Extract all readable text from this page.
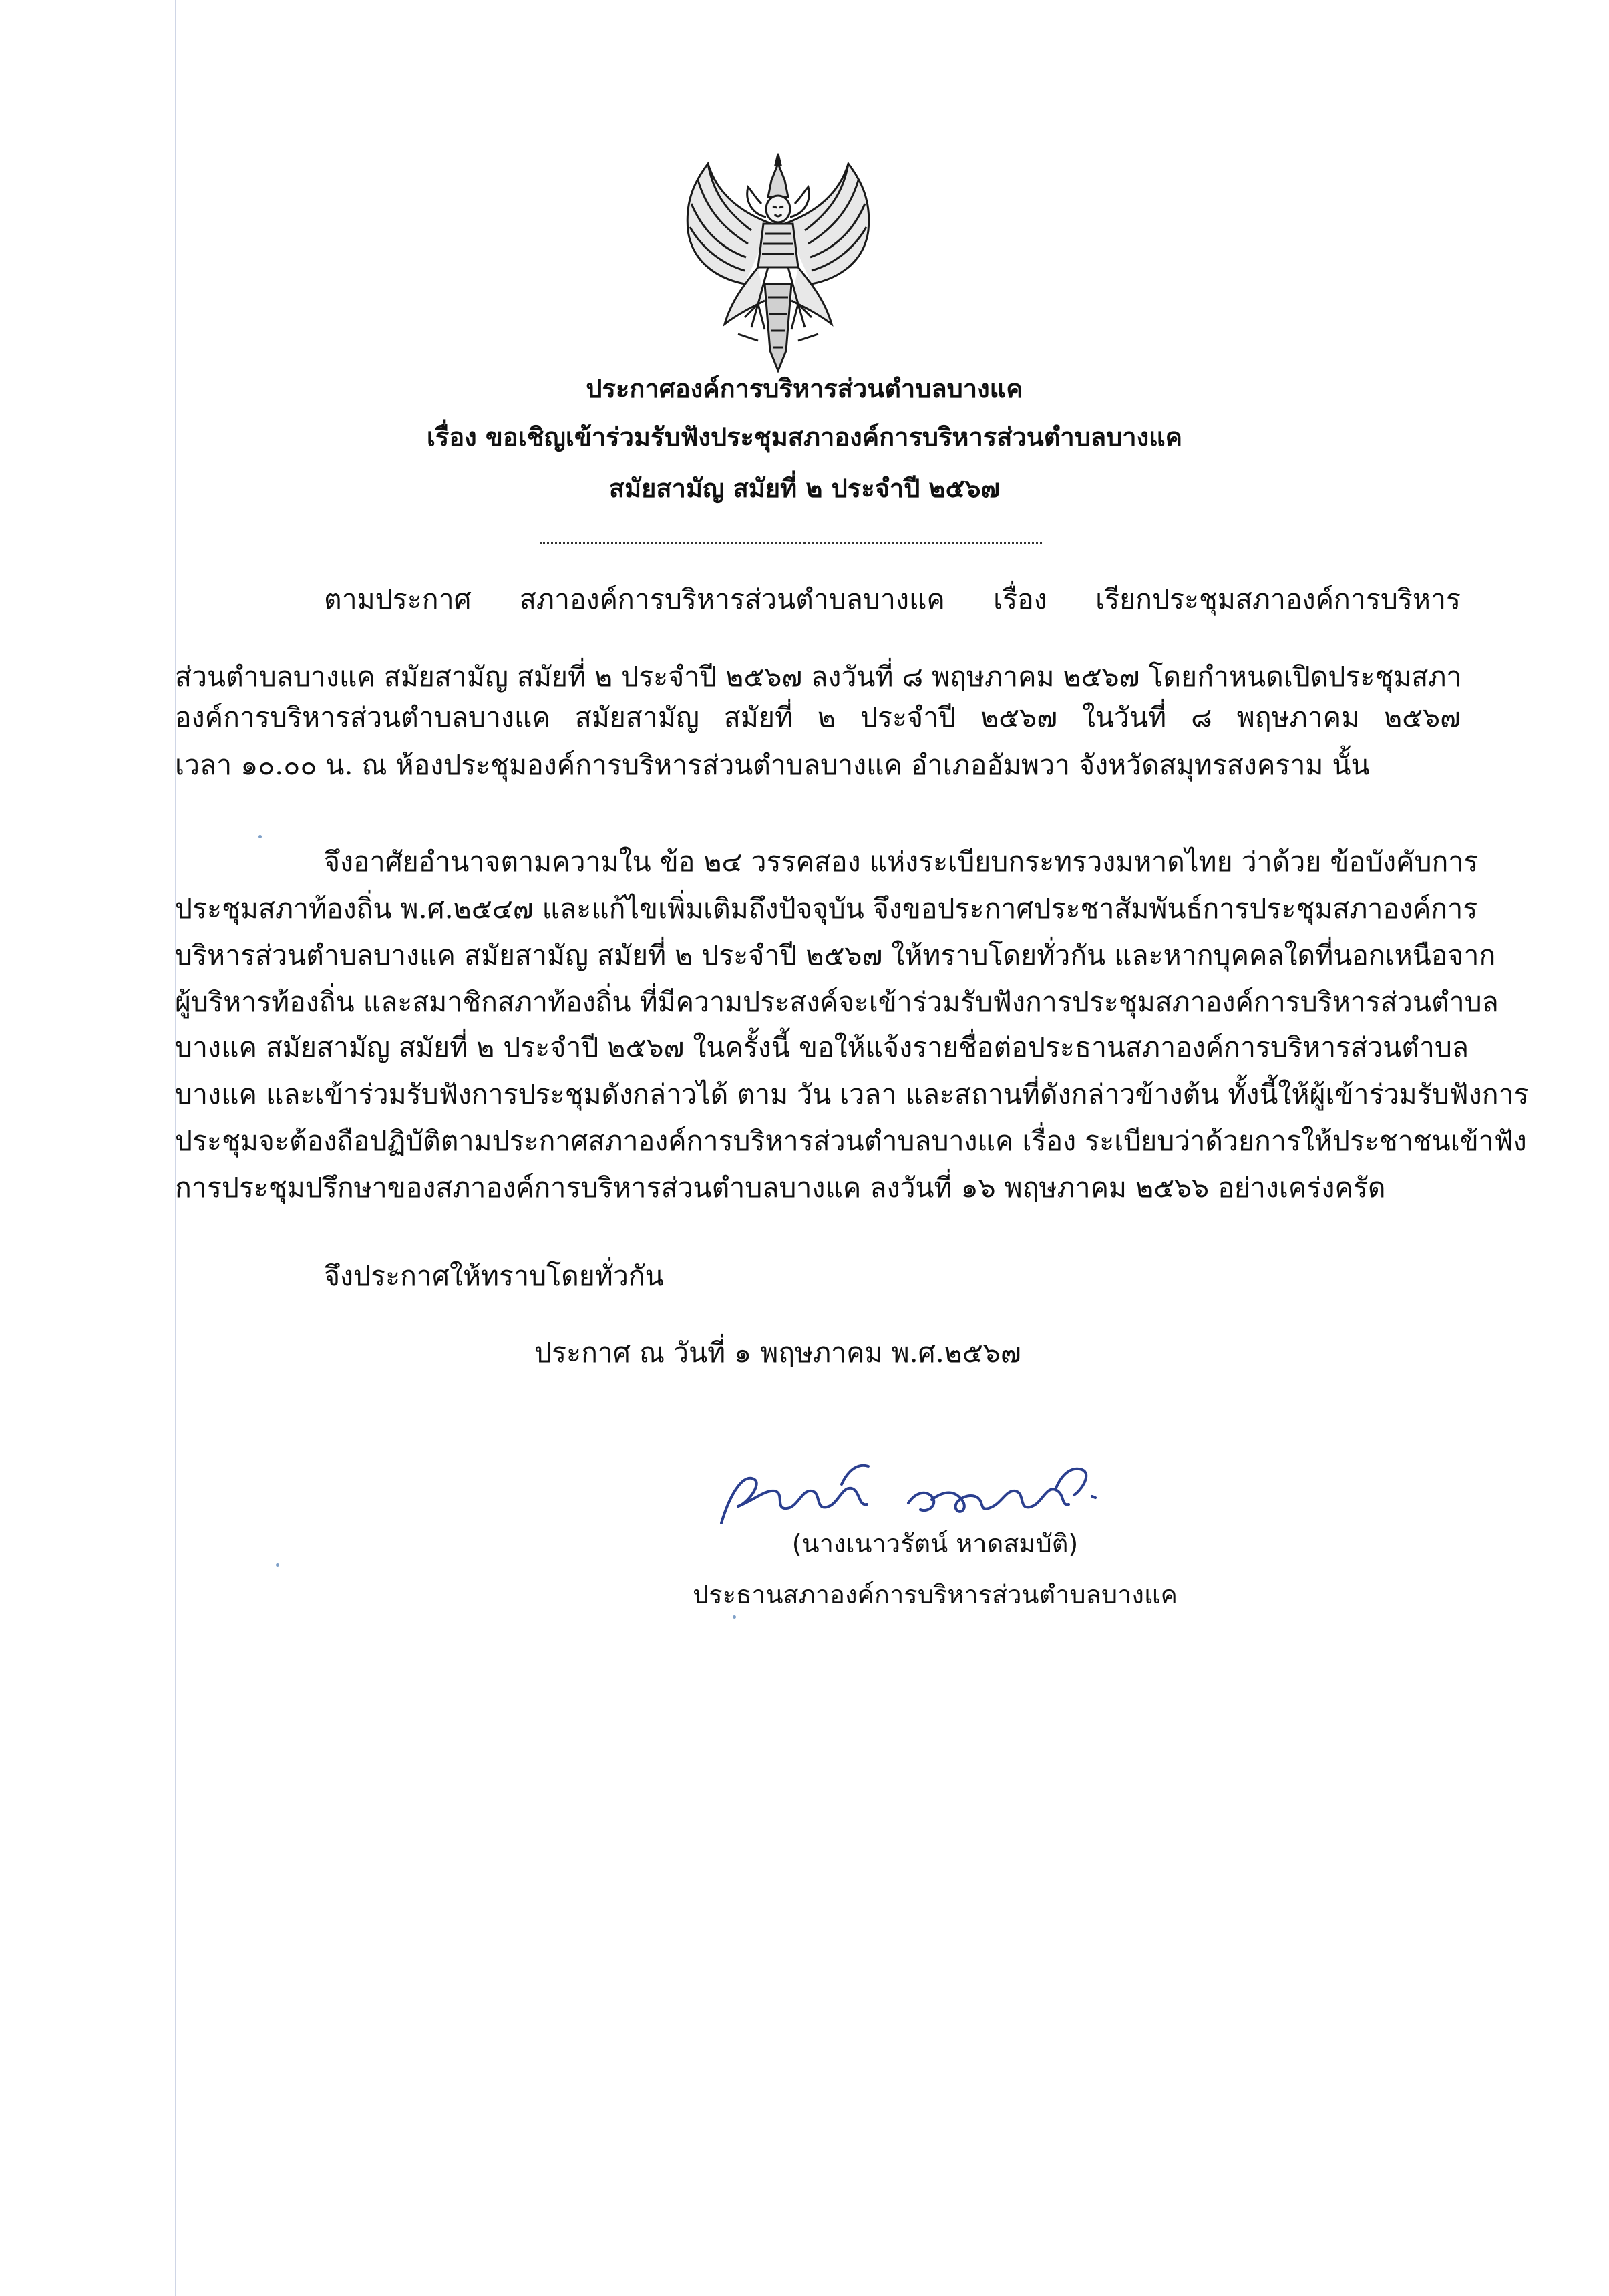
ประกาศองค์การบริหารส่วนตำบลบางแค
เรื่อง ขอเชิญเข้าร่วมรับฟังประชุมสภาองค์การบริหารส่วนตำบลบางแค
สมัยสามัญ สมัยที่ ๒ ประจำปี ๒๕๖๗
ตามประกาศ สภาองค์การบริหารส่วนตำบลบางแค เรื่อง เรียกประชุมสภาองค์การบริหาร
ส่วนตำบลบางแค สมัยสามัญ สมัยที่ ๒ ประจำปี ๒๕๖๗ ลงวันที่ ๘ พฤษภาคม ๒๕๖๗ โดยกำหนดเปิดประชุมสภา
องค์การบริหารส่วนตำบลบางแค สมัยสามัญ สมัยที่ ๒ ประจำปี ๒๕๖๗ ในวันที่ ๘ พฤษภาคม ๒๕๖๗
เวลา ๑๐.๐๐ น. ณ ห้องประชุมองค์การบริหารส่วนตำบลบางแค อำเภออัมพวา จังหวัดสมุทรสงคราม นั้น
จึงอาศัยอำนาจตามความใน ข้อ ๒๔ วรรคสอง แห่งระเบียบกระทรวงมหาดไทย ว่าด้วย ข้อบังคับการ
ประชุมสภาท้องถิ่น พ.ศ.๒๕๔๗ และแก้ไขเพิ่มเติมถึงปัจจุบัน จึงขอประกาศประชาสัมพันธ์การประชุมสภาองค์การ
บริหารส่วนตำบลบางแค สมัยสามัญ สมัยที่ ๒ ประจำปี ๒๕๖๗ ให้ทราบโดยทั่วกัน และหากบุคคลใดที่นอกเหนือจาก
ผู้บริหารท้องถิ่น และสมาชิกสภาท้องถิ่น ที่มีความประสงค์จะเข้าร่วมรับฟังการประชุมสภาองค์การบริหารส่วนตำบล
บางแค สมัยสามัญ สมัยที่ ๒ ประจำปี ๒๕๖๗ ในครั้งนี้ ขอให้แจ้งรายชื่อต่อประธานสภาองค์การบริหารส่วนตำบล
บางแค และเข้าร่วมรับฟังการประชุมดังกล่าวได้ ตาม วัน เวลา และสถานที่ดังกล่าวข้างต้น ทั้งนี้ให้ผู้เข้าร่วมรับฟังการ
ประชุมจะต้องถือปฏิบัติตามประกาศสภาองค์การบริหารส่วนตำบลบางแค เรื่อง ระเบียบว่าด้วยการให้ประชาชนเข้าฟัง
การประชุมปรึกษาของสภาองค์การบริหารส่วนตำบลบางแค ลงวันที่ ๑๖ พฤษภาคม ๒๕๖๖ อย่างเคร่งครัด
จึงประกาศให้ทราบโดยทั่วกัน
ประกาศ ณ วันที่ ๑ พฤษภาคม พ.ศ.๒๕๖๗
(นางเนาวรัตน์ หาดสมบัติ)
ประธานสภาองค์การบริหารส่วนตำบลบางแค
